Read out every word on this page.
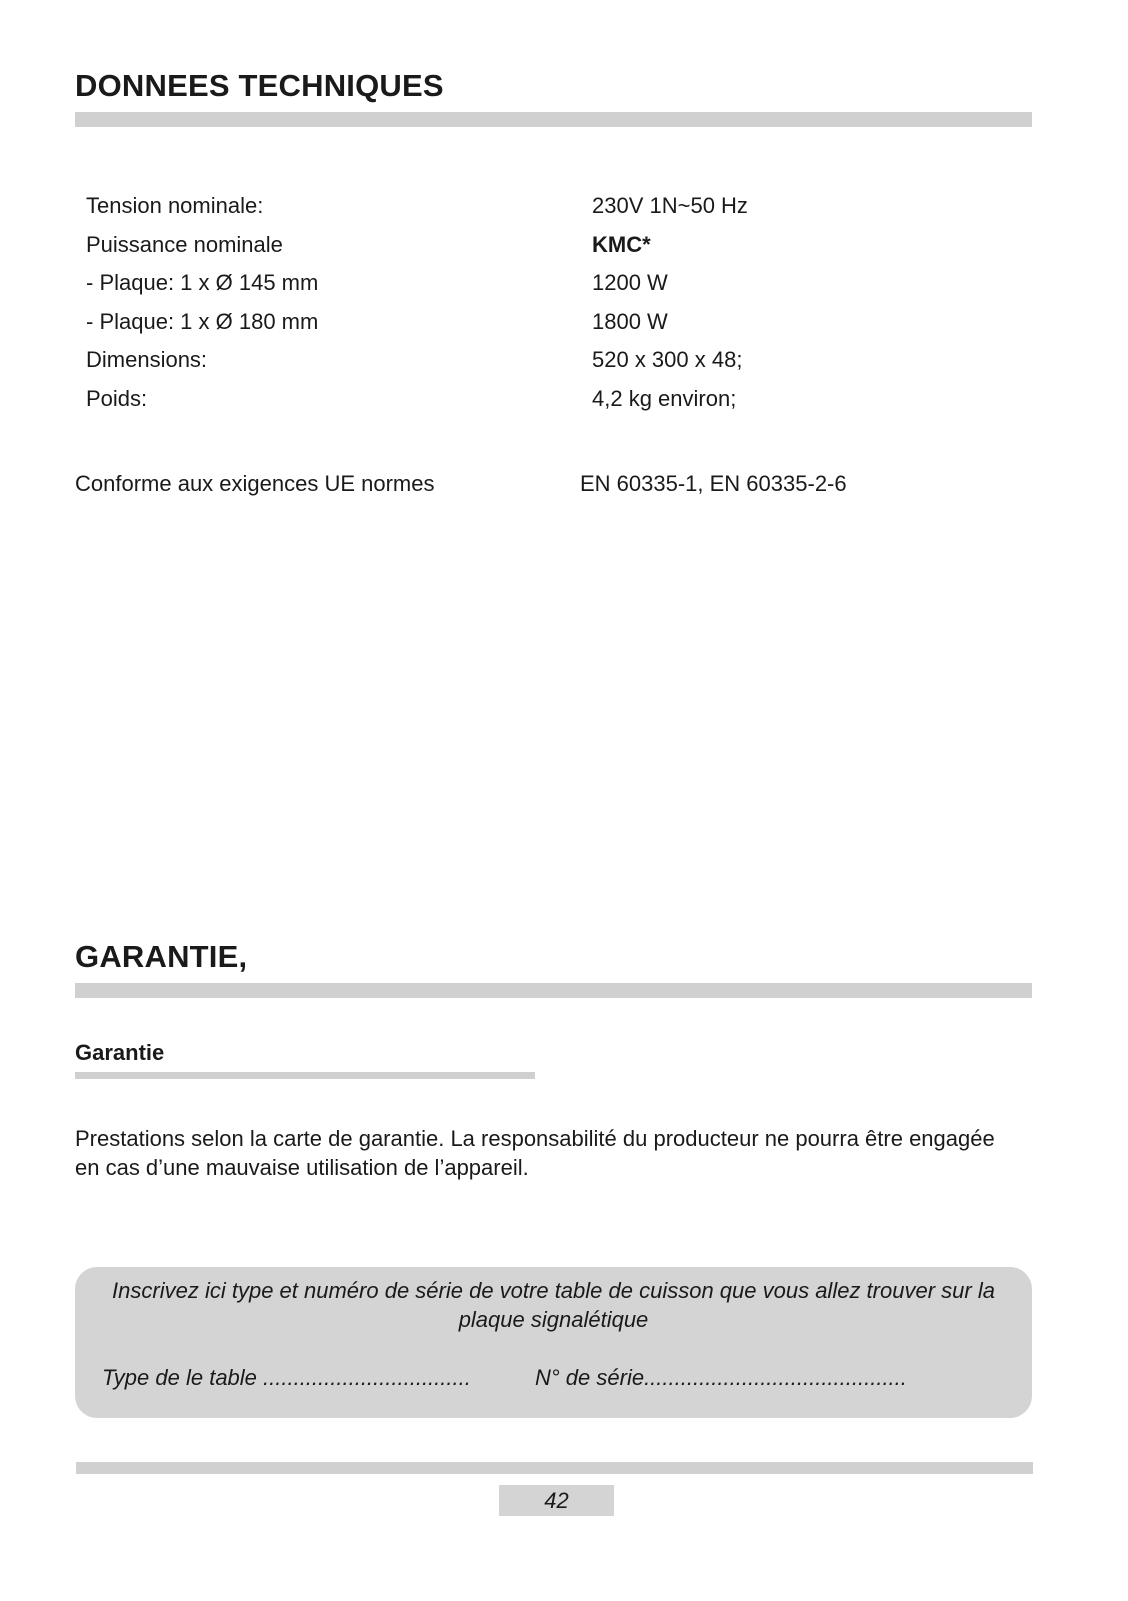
DONNEES TECHNIQUES
Tension nominale:	230V 1N~50 Hz
Puissance nominale	KMC*
- Plaque: 1 x Ø 145 mm	1200 W
- Plaque: 1 x Ø 180 mm	1800 W
Dimensions:	520 x 300 x 48;
Poids:	4,2 kg environ;
Conforme aux exigences UE normes	EN 60335-1, EN 60335-2-6
GARANTIE,
Garantie
Prestations selon la carte de garantie. La responsabilité du producteur ne pourra être engagée
en cas d’une mauvaise utilisation de l’appareil.
Inscrivez ici type et numéro de série de votre table de cuisson que vous allez trouver sur la
plaque signalétique
Type de le table ..................................	N° de série...........................................
42
